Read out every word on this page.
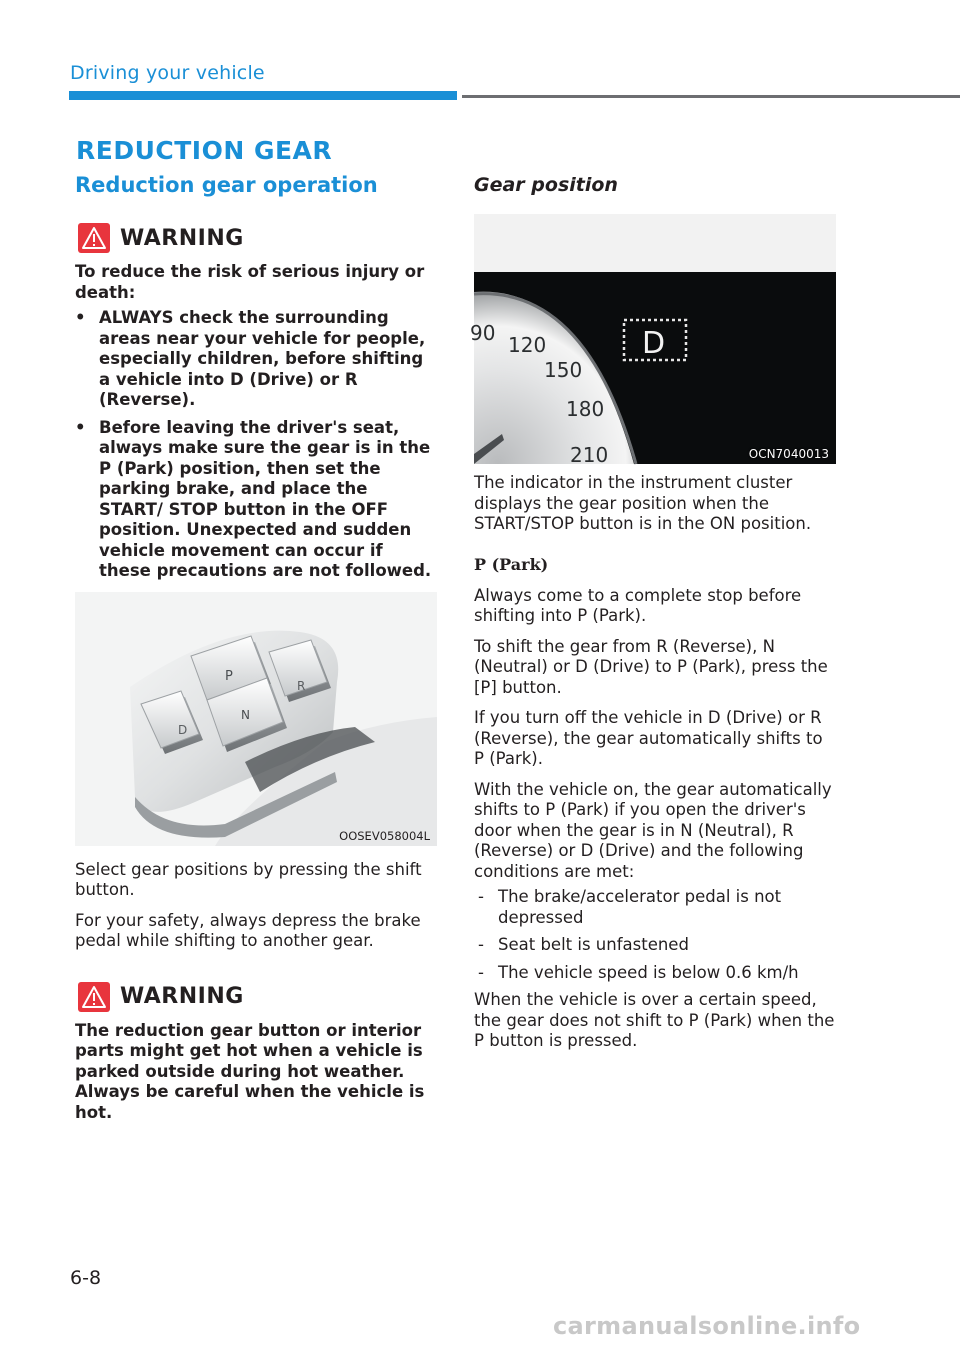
Driving your vehicle
REDUCTION GEAR
Reduction gear operation
WARNING
To reduce the risk of serious injury or death:
• ALWAYS check the surrounding areas near your vehicle for people, especially children, before shifting a vehicle into D (Drive) or R (Reverse).
• Before leaving the driver's seat, always make sure the gear is in the P (Park) position, then set the parking brake, and place the START/ STOP button in the OFF position. Unexpected and sudden vehicle movement can occur if these precautions are not followed.
D
P
N
R
OOSEV058004L
Select gear positions by pressing the shift button.
For your safety, always depress the brake pedal while shifting to another gear.
WARNING
The reduction gear button or interior parts might get hot when a vehicle is parked outside during hot weather. Always be careful when the vehicle is hot.
Gear position
90 120
150
180
210
D
OCN7040013
The indicator in the instrument cluster displays the gear position when the START/STOP button is in the ON position.
P (Park)
Always come to a complete stop before shifting into P (Park).
To shift the gear from R (Reverse), N (Neutral) or D (Drive) to P (Park), press the [P] button.
If you turn off the vehicle in D (Drive) or R (Reverse), the gear automatically shifts to P (Park).
With the vehicle on, the gear automatically shifts to P (Park) if you open the driver's door when the gear is in N (Neutral), R (Reverse) or D (Drive) and the following conditions are met:
- The brake/accelerator pedal is not depressed
- Seat belt is unfastened
- The vehicle speed is below 0.6 km/h
When the vehicle is over a certain speed, the gear does not shift to P (Park) when the P button is pressed.
6-8
carmanualsonline.info
